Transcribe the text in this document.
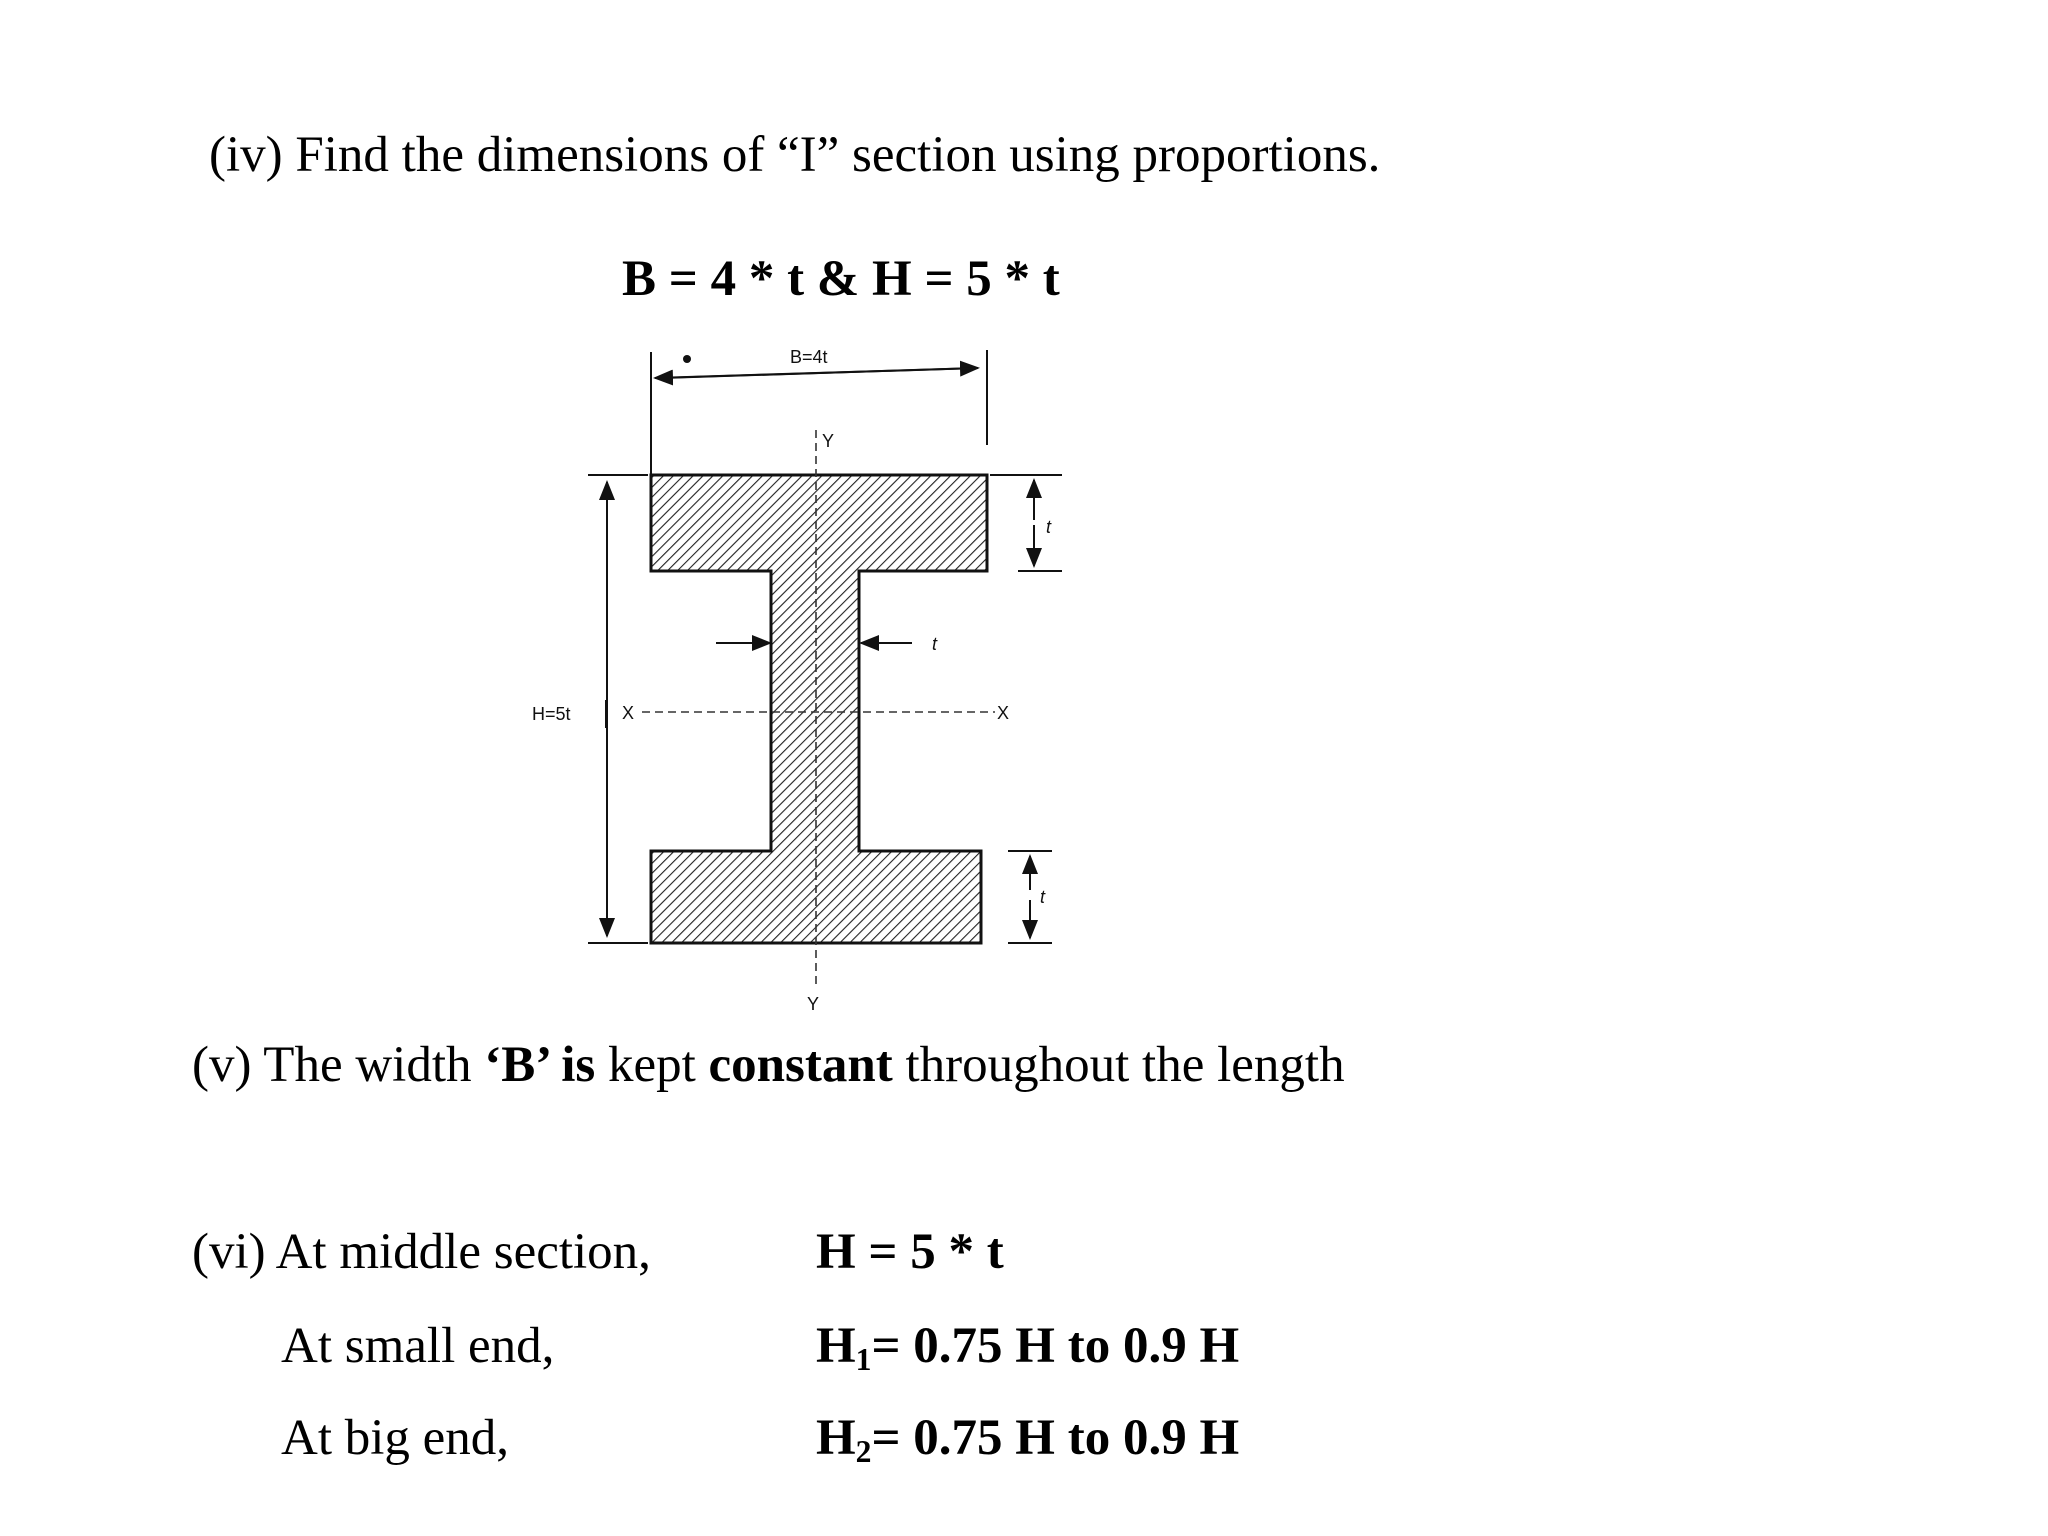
(iv) Find the dimensions of “I” section using proportions.
B = 4 * t & H = 5 * t
B=4t
Y
Y
X	X
H=5t
t
t
t
(v) The width ‘B’ is kept constant throughout the length
(vi) At middle section,	H = 5 * t
At small end,	$H_1= 0.75$ H to 0.9 H
At big end,	$H_2= 0.75$ H to 0.9 H
